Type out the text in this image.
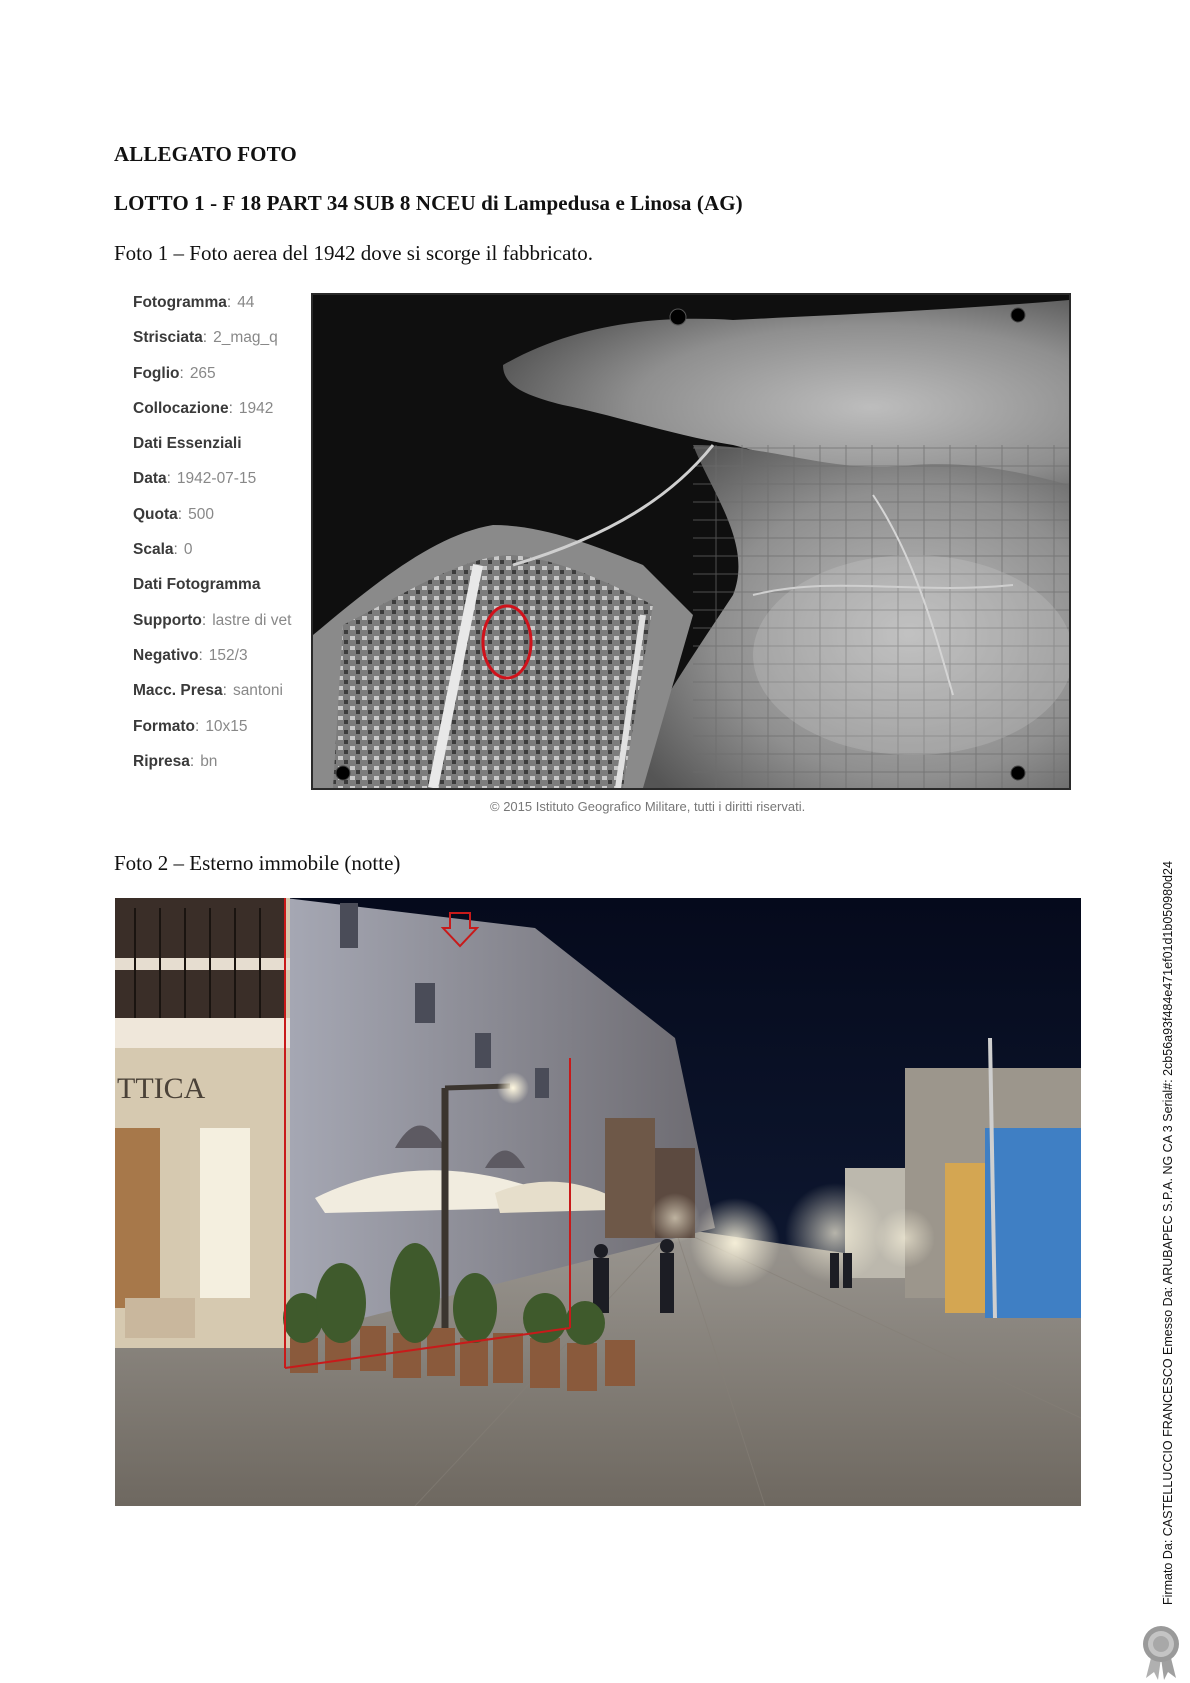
ALLEGATO FOTO
LOTTO 1 - F 18 PART 34 SUB 8 NCEU di Lampedusa e Linosa (AG)
Foto 1 – Foto aerea del 1942 dove si scorge il fabbricato.
Fotogramma: 44
Strisciata: 2_mag_q
Foglio: 265
Collocazione: 1942
Dati Essenziali
Data: 1942-07-15
Quota: 500
Scala: 0
Dati Fotogramma
Supporto: lastre di vet
Negativo: 152/3
Macc. Presa: santoni
Formato: 10x15
Ripresa: bn
© 2015 Istituto Geografico Militare, tutti i diritti riservati.
Foto 2 – Esterno immobile (notte)
TTICA	Firmato Da: CASTELLUCCIO FRANCESCO Emesso Da: ARUBAPEC S.P.A. NG CA 3 Serial#: 2cb56a93f484e471ef01d1b050980d24
